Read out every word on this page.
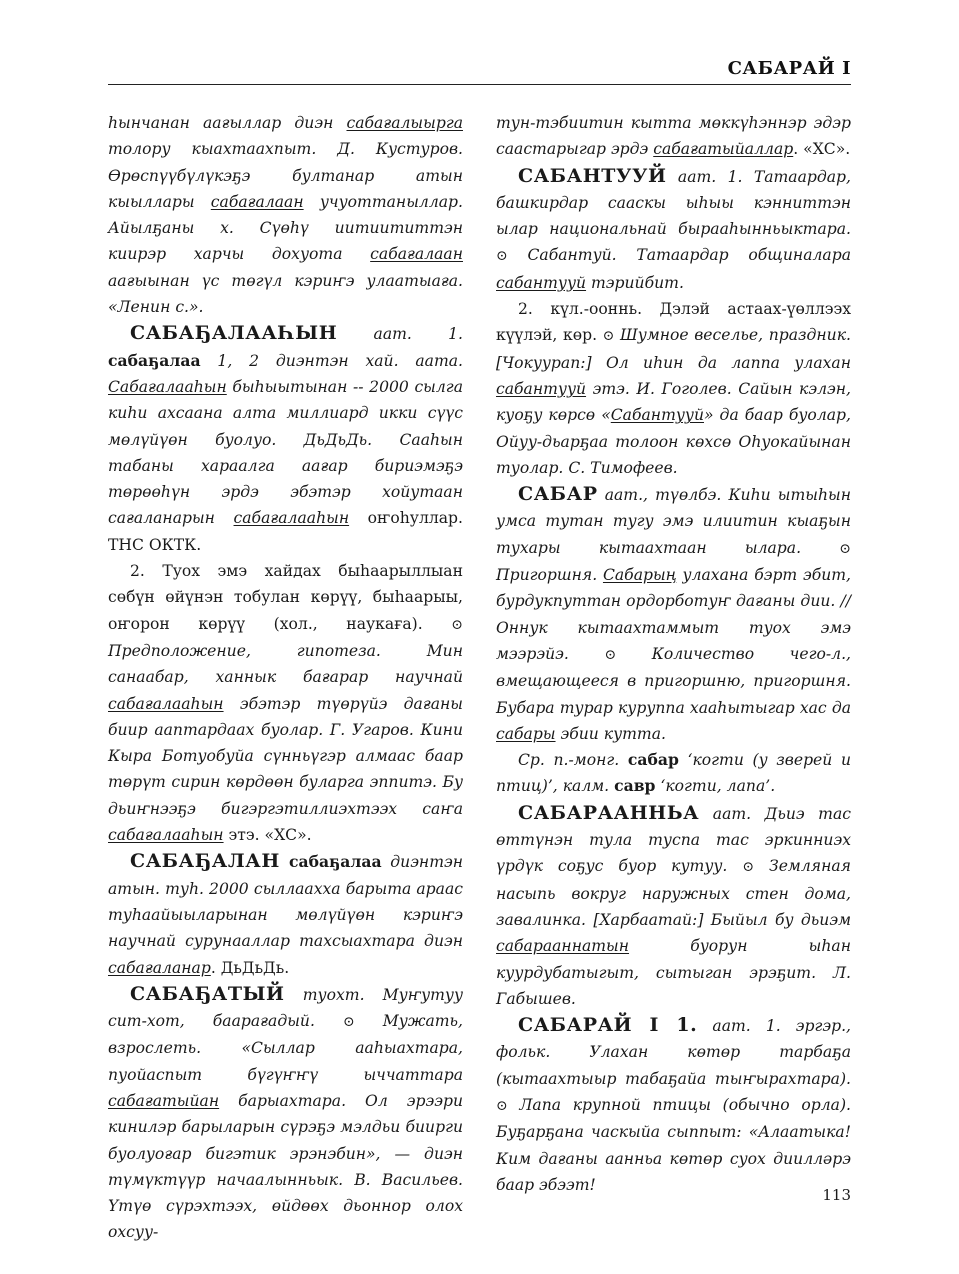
САБАРАЙ I

һынчанан аағыллар диэн сабағалыырга толору кыахтаахпыт. Д. Кустуров. Өрөспүүбүлүкэҕэ бултанар атын кыыллары сабағалаан учуоттаныллар. Айылҕаны х. Сүөһү иитиититтэн киирэр харчы дохуота сабағалаан аағыынан үс төгүл кэриҥэ улаатыаға. «Ленин с.».

САБАҔАЛААҺЫН аат. 1. сабаҕалаа 1, 2 диэнтэн хай. аата. Сабағалааһын быһыытынан -- 2000 сылга киһи ахсаана алта миллиард икки сүүс мөлүйүөн буолуо. ДьДьДь. Сааһын табаны хараалга аағар бириэмэҕэ төрөөһүн эрдэ эбэтэр хойутаан сағаланарын сабағалааһын оҥоһуллар. ТНС ОКТК.

2. Туох эмэ хайдах быһаарыллыан сөбүн өйүнэн тобулан көрүү, быһаарыы, оҥорон көрүү (хол., наукаға). ⊙ Предположение, гипотеза. Мин санаабар, ханнык бағарар научнай сабағалааһын эбэтэр түөрүйэ дағаны биир ааптардаах буолар. Г. Угаров. Кини Кыра Ботуобуйа сүнньүгэр алмаас баар төрүт сирин көрдөөн буларга эппитэ. Бу дьиҥнээҕэ бигэргэтиллиэхтээх саҥа сабағалааһын этэ. «ХС».

САБАҔАЛАН сабаҕалаа диэнтэн атын. туһ. 2000 сыллааххa барыта араас туһаайыыларынан мөлүйүөн кэриҥэ научнай сурунааллар тахсыахтара диэн сабағаланар. ДьДьДь.

САБАҔАТЫЙ туохт. Муҥутуу сит-хот, баарағадый. ⊙ Мужать, взрослеть. «Сыллар ааһыахтара, пуойаспыт бүгүҥҥү ыччаттара сабағатыйан барыахтара. Ол эрээри кинилэр барыларын сүрэҕэ мэлдьи биирги буолуоғар бигэтик эрэнэбин», — диэн түмүктүүр начаалынньык. В. Васильев. Үтүө сүрэхтээх, өйдөөх дьоннор олох охсуу-

тун-тэбиитин кытта мөккүһэннэр эдэр саастарыгар эрдэ сабағатыйаллар. «ХС».

САБАНТУУЙ аат. 1. Татаардар, башкирдар сааскы ыһыы кэнниттэн ылар национальнай бырааһынньыктара. ⊙ Сабантуй. Татаардар общиналара сабантууй тэрийбит.

2. күл.-ооннь. Дэлэй астаах-үөллээх күүлэй, көр. ⊙ Шумное веселье, праздник. [Чокуурап:] Ол иһин да лаппа улахан сабантууй этэ. И. Гоголев. Сайын кэлэн, куоҕу көрсө «Сабантууй» да баар буолар, Ойуу-дьарҕаа толоон көхсө Оһуокайынан туолар. С. Тимофеев.

САБАР аат., түөлбэ. Киһи ытыһын умса тутан тугу эмэ илиитин кыаҕын тухары кытаахтаан ылара. ⊙ Пригоршня. Сабарың улахана бэрт эбит, бурдукпуттан ордорботуҥ дағаны дии. // Оннук кытаахтаммыт туох эмэ мээрэйэ. ⊙ Количество чего-л., вмещающееся в пригоршню, пригоршня. Бубара турар куруппа хааһытыгар хас да сабары эбии кутта.

Ср. п.-монг. сабар ‘когти (у зверей и птиц)’, калм. савр ‘когти, лапа’.

САБАРААННЬА аат. Дьиэ тас өттүнэн тула туспа тас эркинниэх үрдүк соҕус буор кутуу. ⊙ Земляная насыпь вокруг наружных стен дома, завалинка. [Харбаатай:] Быйыл бу дьиэм сабарааннатын буорун ыһан куурдубатыгыт, сытыган эрэҕит. Л. Габышев.

САБАРАЙ I 1. аат. 1. эргэр., фольк. Улахан көтөр тарбаҕа (кытаахтыыр табаҕайа тыҥырахтара). ⊙ Лапа крупной птицы (обычно орла). Буҕарҕана часкыйа сыппыт: «Алаатыка! Ким дағаны аанньа көтөр суох диилләрэ баар эбээт!

113
